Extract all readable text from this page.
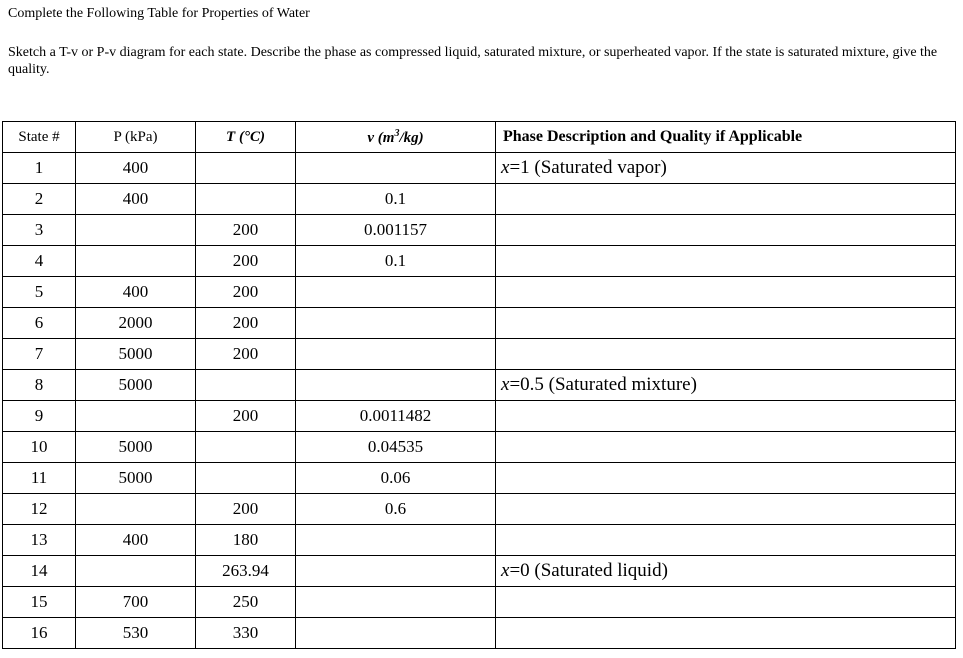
Complete the Following Table for Properties of Water
Sketch a T-v or P-v diagram for each state. Describe the phase as compressed liquid, saturated mixture, or superheated vapor. If the state is saturated mixture, give the quality.
State #	P (kPa)	T (°C)	v $(m^3/kg)$	Phase Description and Quality if Applicable
1	400			x=1 (Saturated vapor)
2	400		0.1	
3		200	0.001157	
4		200	0.1	
5	400	200		
6	2000	200		
7	5000	200		
8	5000			x=0.5 (Saturated mixture)
9		200	0.0011482	
10	5000		0.04535	
11	5000		0.06	
12		200	0.6	
13	400	180		
14		263.94		x=0 (Saturated liquid)
15	700	250		
16	530	330		
